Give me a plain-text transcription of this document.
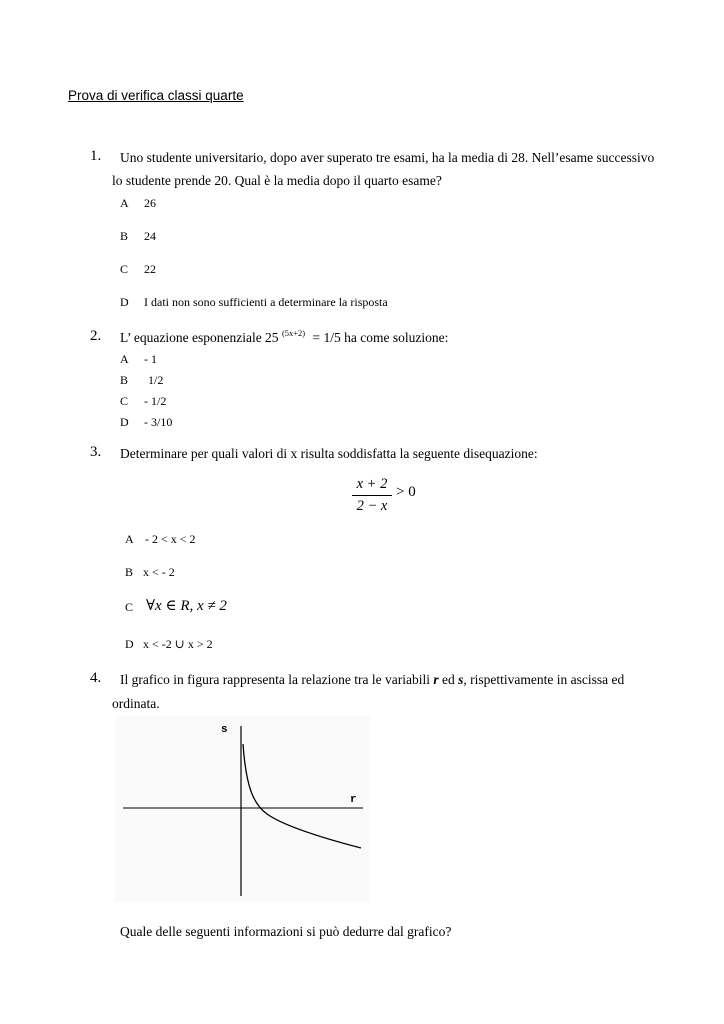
Prova di verifica classi quarte
1. Uno studente universitario, dopo aver superato tre esami, ha la media di 28. Nell’esame successivo
lo studente prende 20. Qual è la media dopo il quarto esame?
A 26
B 24
C 22
D I dati non sono sufficienti a determinare la risposta
2. L’ equazione esponenziale 25 $^{(5x+2)}$ = 1/5 ha come soluzione:
A - 1
B 1/2
C - 1/2
D - 3/10
3. Determinare per quali valori di x risulta soddisfatta la seguente disequazione:
x + 2
2 − x
> 0
A - 2 < x < 2
B x < - 2
C ∀x ∈ R, x ≠ 2
D x < -2 ∪ x > 2
4. Il grafico in figura rappresenta la relazione tra le variabili r ed s, rispettivamente in ascissa ed
ordinata.
s
r
Quale delle seguenti informazioni si può dedurre dal grafico?
